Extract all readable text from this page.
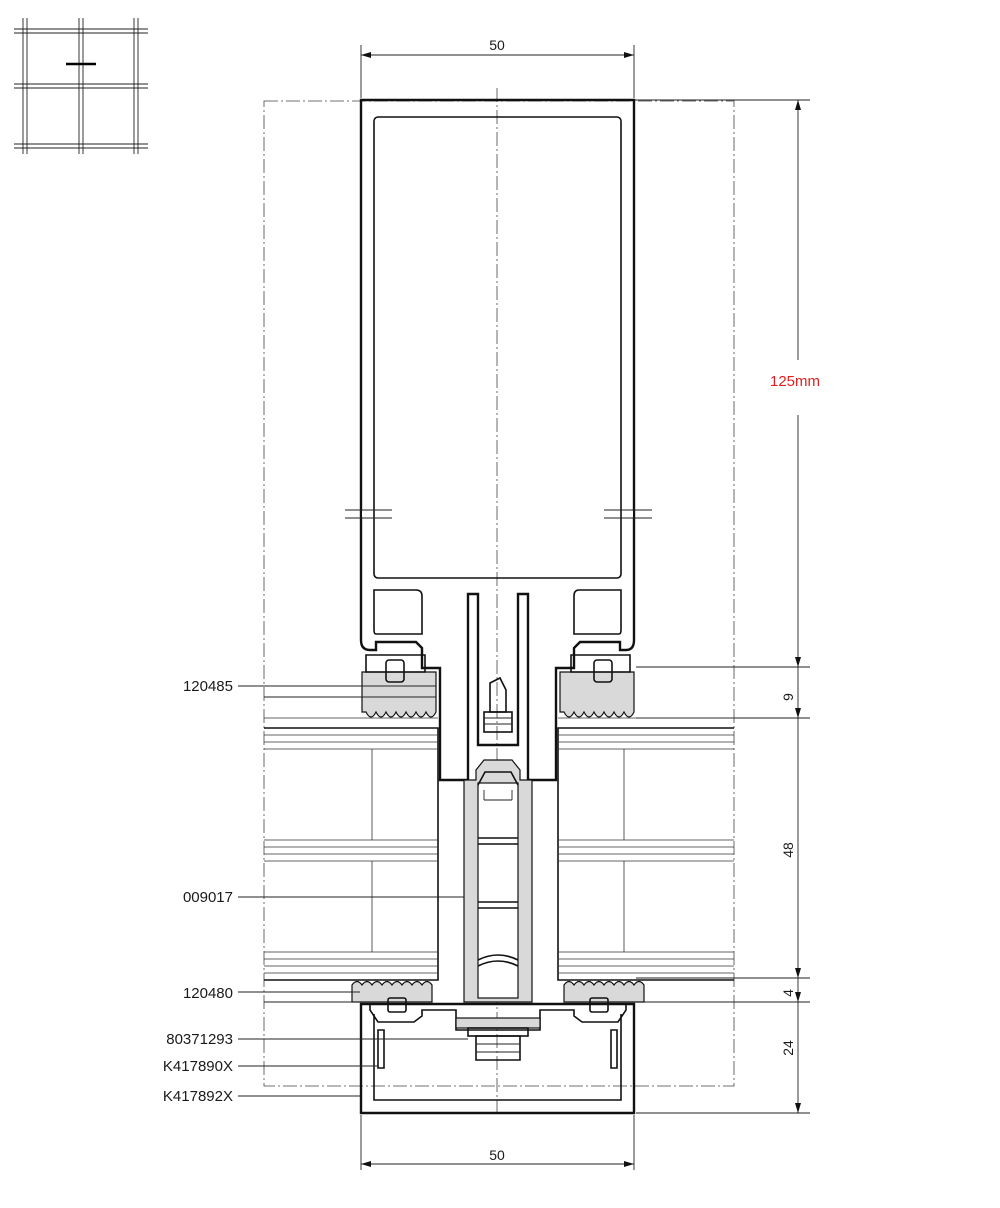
50
50
125mm
9
48
4
24
120485
009017
120480
80371293
K417890X
K417892X
